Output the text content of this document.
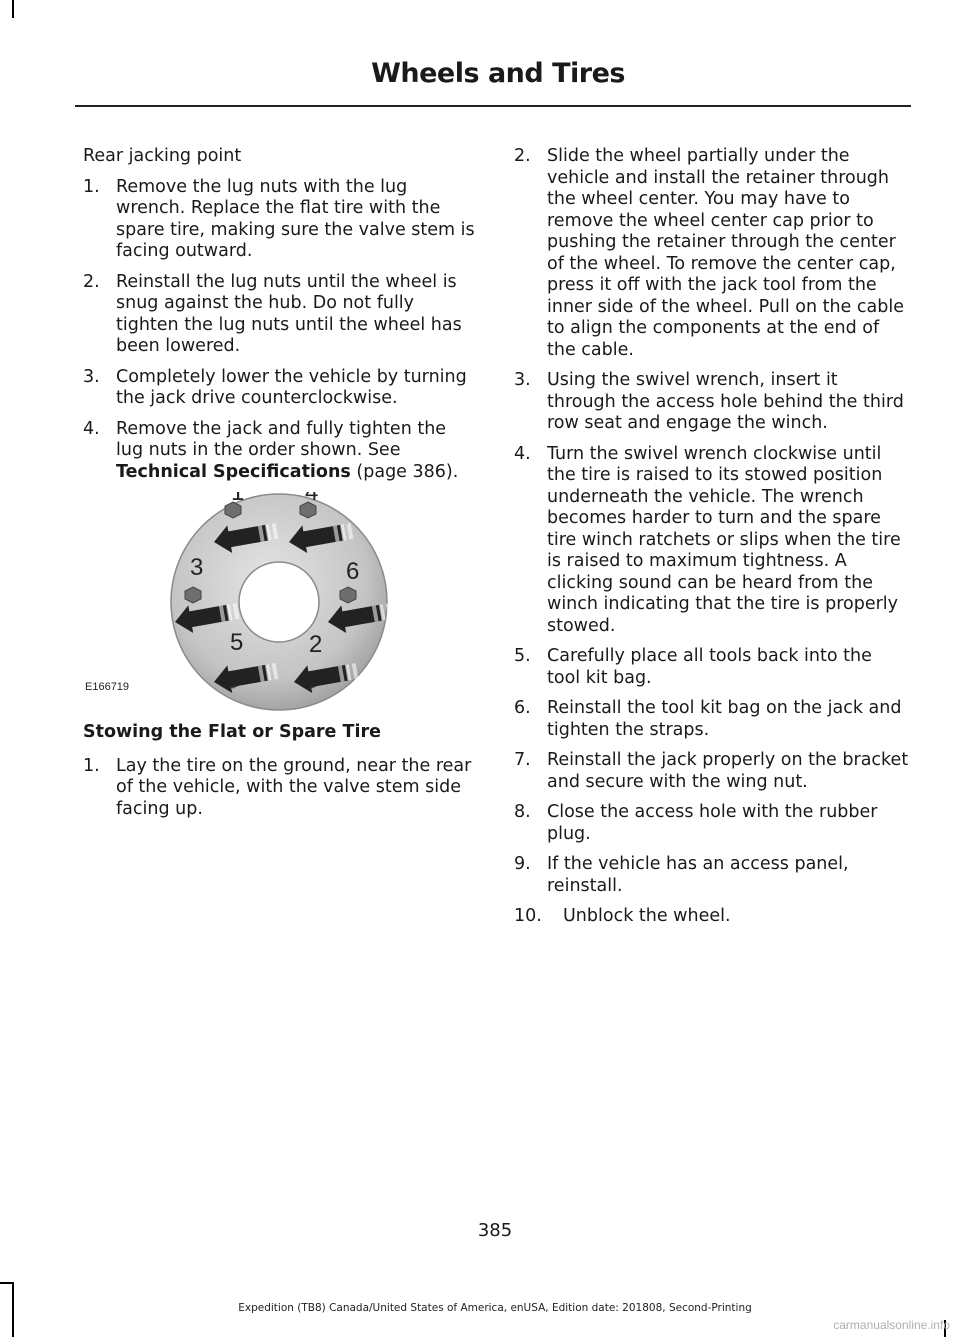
Wheels and Tires

Rear jacking point

1. Remove the lug nuts with the lug wrench. Replace the flat tire with the spare tire, making sure the valve stem is facing outward.
2. Reinstall the lug nuts until the wheel is snug against the hub. Do not fully tighten the lug nuts until the wheel has been lowered.
3. Completely lower the vehicle by turning the jack drive counterclockwise.
4. Remove the jack and fully tighten the lug nuts in the order shown. See Technical Specifications (page 386).
1	4
3	6
5	2
E166719
Stowing the Flat or Spare Tire
1. Lay the tire on the ground, near the rear of the vehicle, with the valve stem side facing up.
2. Slide the wheel partially under the vehicle and install the retainer through the wheel center. You may have to remove the wheel center cap prior to pushing the retainer through the center of the wheel. To remove the center cap, press it off with the jack tool from the inner side of the wheel. Pull on the cable to align the components at the end of the cable.
3. Using the swivel wrench, insert it through the access hole behind the third row seat and engage the winch.
4. Turn the swivel wrench clockwise until the tire is raised to its stowed position underneath the vehicle. The wrench becomes harder to turn and the spare tire winch ratchets or slips when the tire is raised to maximum tightness. A clicking sound can be heard from the winch indicating that the tire is properly stowed.
5. Carefully place all tools back into the tool kit bag.
6. Reinstall the tool kit bag on the jack and tighten the straps.
7. Reinstall the jack properly on the bracket and secure with the wing nut.
8. Close the access hole with the rubber plug.
9. If the vehicle has an access panel, reinstall.
10. Unblock the wheel.
385
Expedition (TB8) Canada/United States of America, enUSA, Edition date: 201808, Second-Printing
carmanualsonline.info
